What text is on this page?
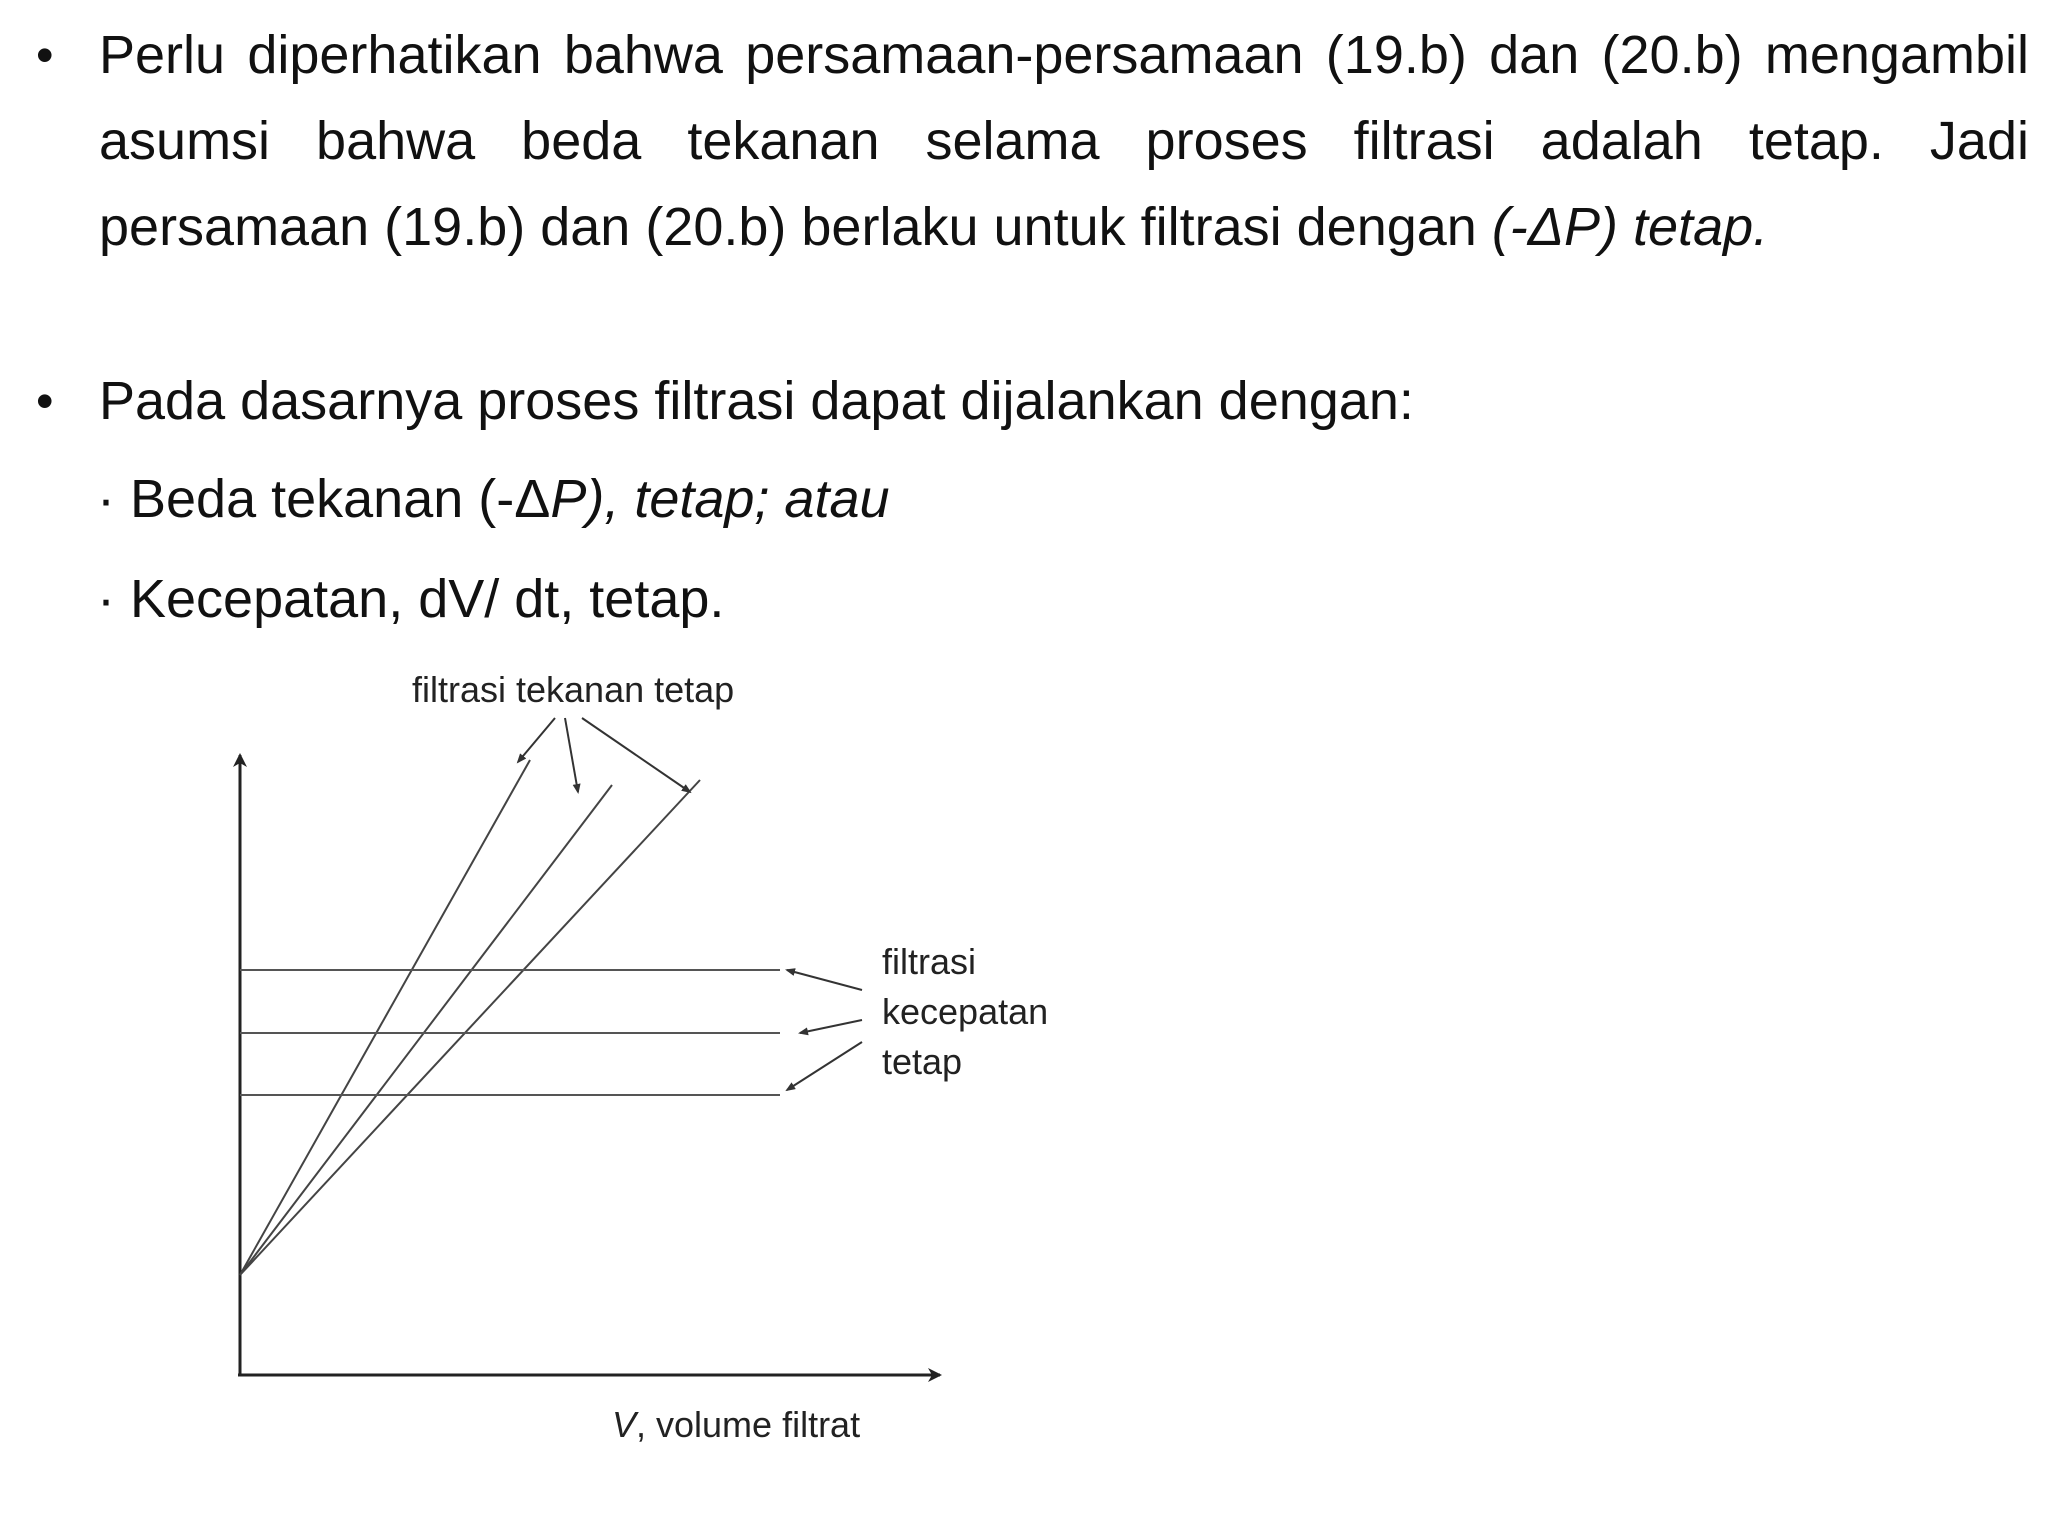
• Perlu diperhatikan bahwa persamaan-persamaan (19.b) dan (20.b) mengambil asumsi bahwa beda tekanan selama proses filtrasi adalah tetap. Jadi persamaan (19.b) dan (20.b) berlaku untuk filtrasi dengan (-ΔP) tetap.
• Pada dasarnya proses filtrasi dapat dijalankan dengan:
· Beda tekanan (-ΔP), tetap; atau
· Kecepatan, dV/ dt, tetap.
filtrasi tekanan tetap
filtrasi
kecepatan
tetap
V, volume filtrat
